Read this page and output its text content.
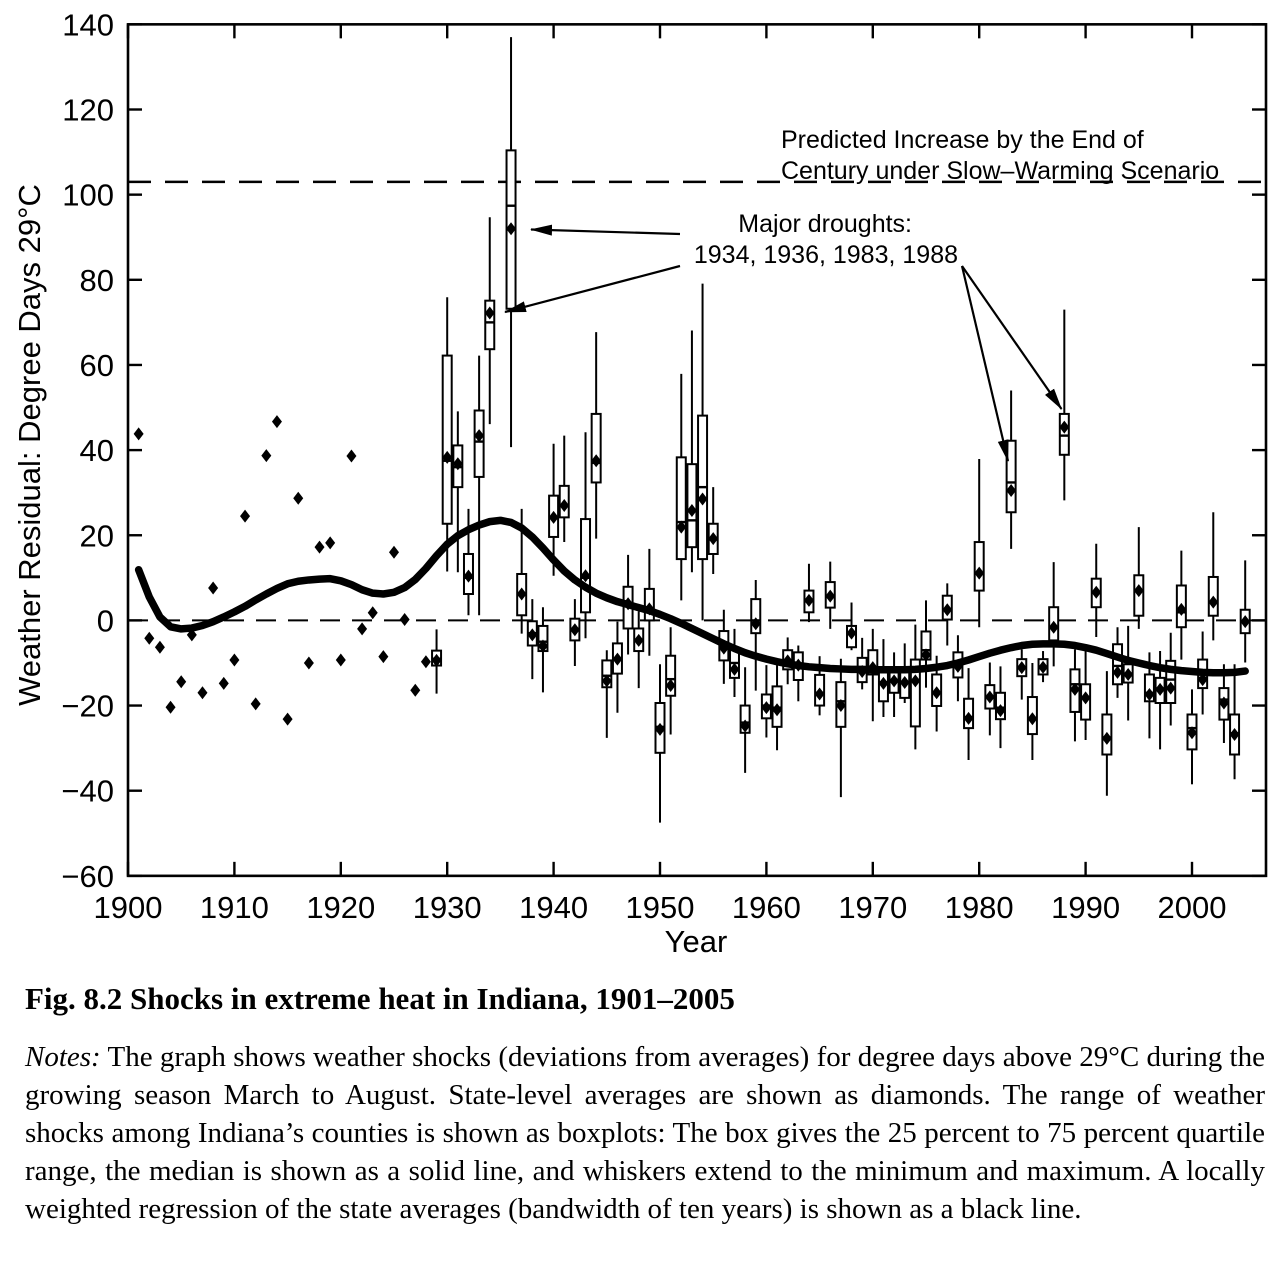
−60
−40
−20
0
20
40
60
80
100
120
140
1900 1910 1920 1930 1940 1950 1960 1970 1980 1990 2000
Year
Weather Residual: Degree Days 29°C
Predicted Increase by the End of
Century under Slow–Warming Scenario
Major droughts:
1934, 1936, 1983, 1988
Fig. 8.2 Shocks in extreme heat in Indiana, 1901–2005
Notes: The graph shows weather shocks (deviations from averages) for degree days above 29°C during the growing season March to August. State-level averages are shown as diamonds. The range of weather shocks among Indiana’s counties is shown as boxplots: The box gives the 25 percent to 75 percent quartile range, the median is shown as a solid line, and whiskers extend to the minimum and maximum. A locally weighted regression of the state averages (bandwidth of ten years) is shown as a black line.
